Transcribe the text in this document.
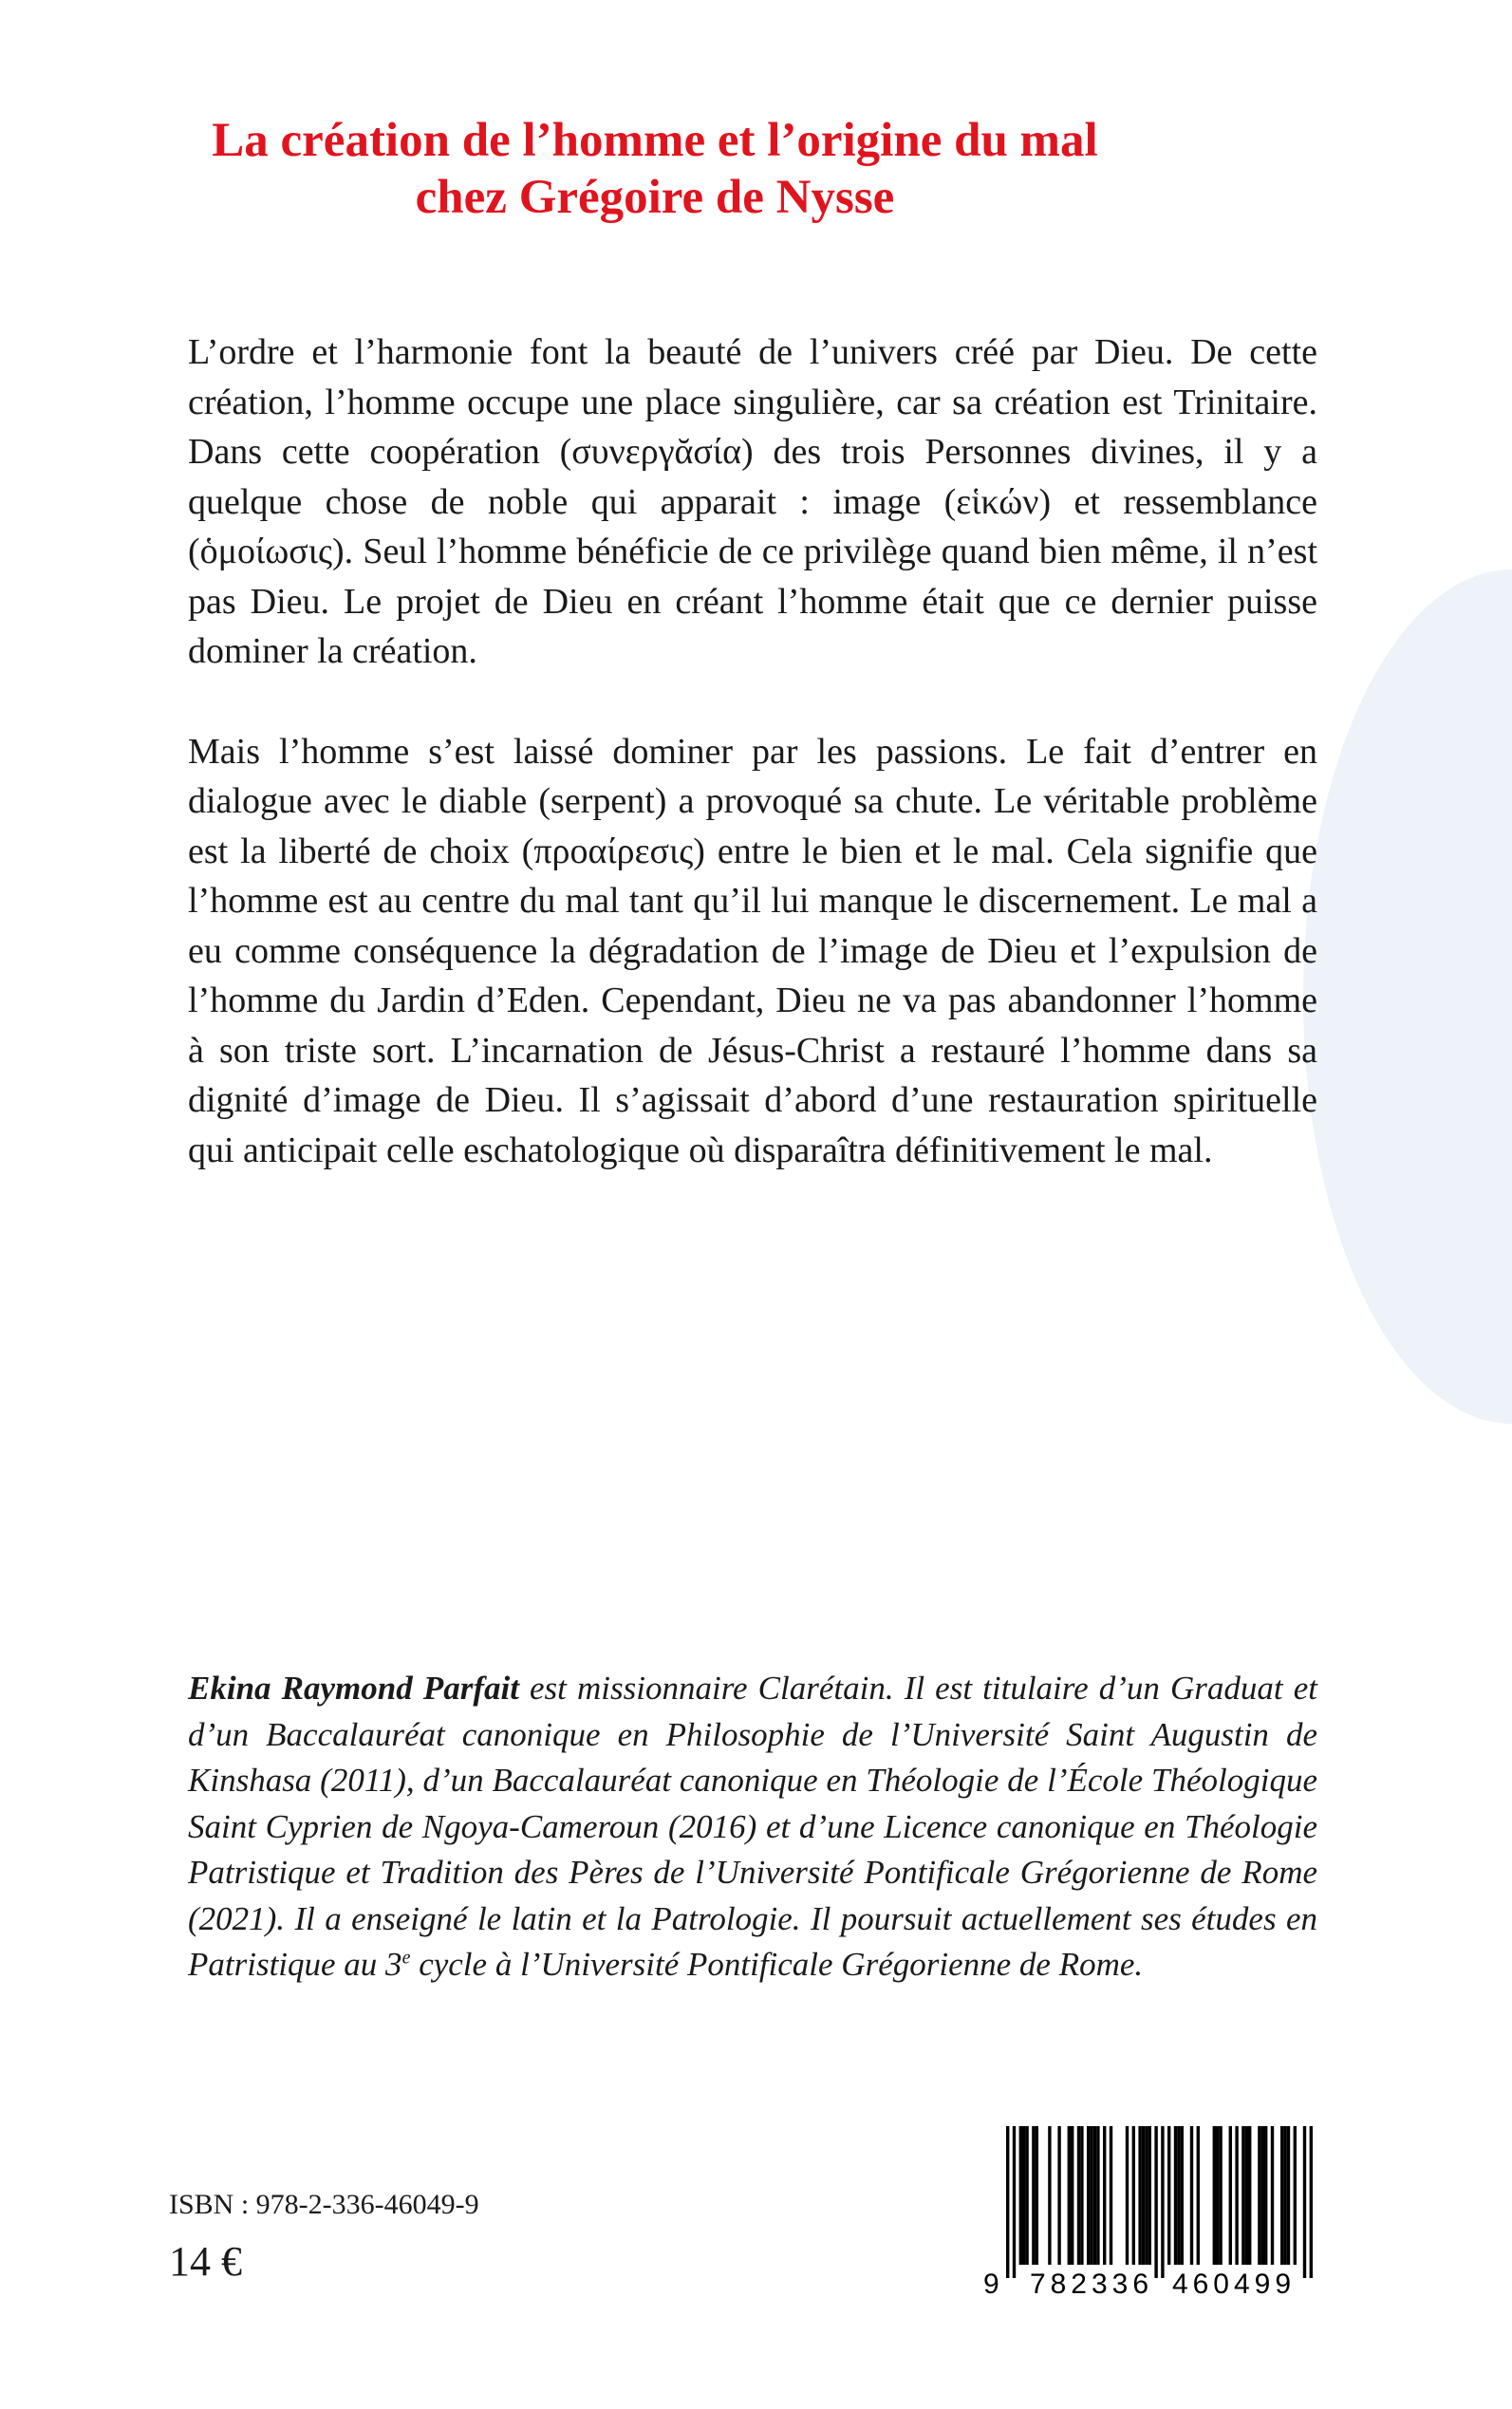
La création de l’homme et l’origine du mal
chez Grégoire de Nysse

L’ordre et l’harmonie font la beauté de l’univers créé par Dieu. De cette création, l’homme occupe une place singulière, car sa création est Trinitaire. Dans cette coopération (συνεργᾰσία) des trois Personnes divines, il y a quelque chose de noble qui apparait : image (εἱκών) et ressemblance (ὁμοίωσις). Seul l’homme bénéficie de ce privilège quand bien même, il n’est pas Dieu. Le projet de Dieu en créant l’homme était que ce dernier puisse dominer la création.

Mais l’homme s’est laissé dominer par les passions. Le fait d’entrer en dialogue avec le diable (serpent) a provoqué sa chute. Le véritable problème est la liberté de choix (προαίρεσις) entre le bien et le mal. Cela signifie que l’homme est au centre du mal tant qu’il lui manque le discernement. Le mal a eu comme conséquence la dégradation de l’image de Dieu et l’expulsion de l’homme du Jardin d’Eden. Cependant, Dieu ne va pas abandonner l’homme à son triste sort. L’incarnation de Jésus-Christ a restauré l’homme dans sa dignité d’image de Dieu. Il s’agissait d’abord d’une restauration spirituelle qui anticipait celle eschatologique où disparaîtra définitivement le mal.

Ekina Raymond Parfait est missionnaire Clarétain. Il est titulaire d’un Graduat et d’un Baccalauréat canonique en Philosophie de l’Université Saint Augustin de Kinshasa (2011), d’un Baccalauréat canonique en Théologie de l’École Théologique Saint Cyprien de Ngoya-Cameroun (2016) et d’une Licence canonique en Théologie Patristique et Tradition des Pères de l’Université Pontificale Grégorienne de Rome (2021). Il a enseigné le latin et la Patrologie. Il poursuit actuellement ses études en Patristique au 3e cycle à l’Université Pontificale Grégorienne de Rome.

ISBN : 978-2-336-46049-9

14 €	9 782336 460499
